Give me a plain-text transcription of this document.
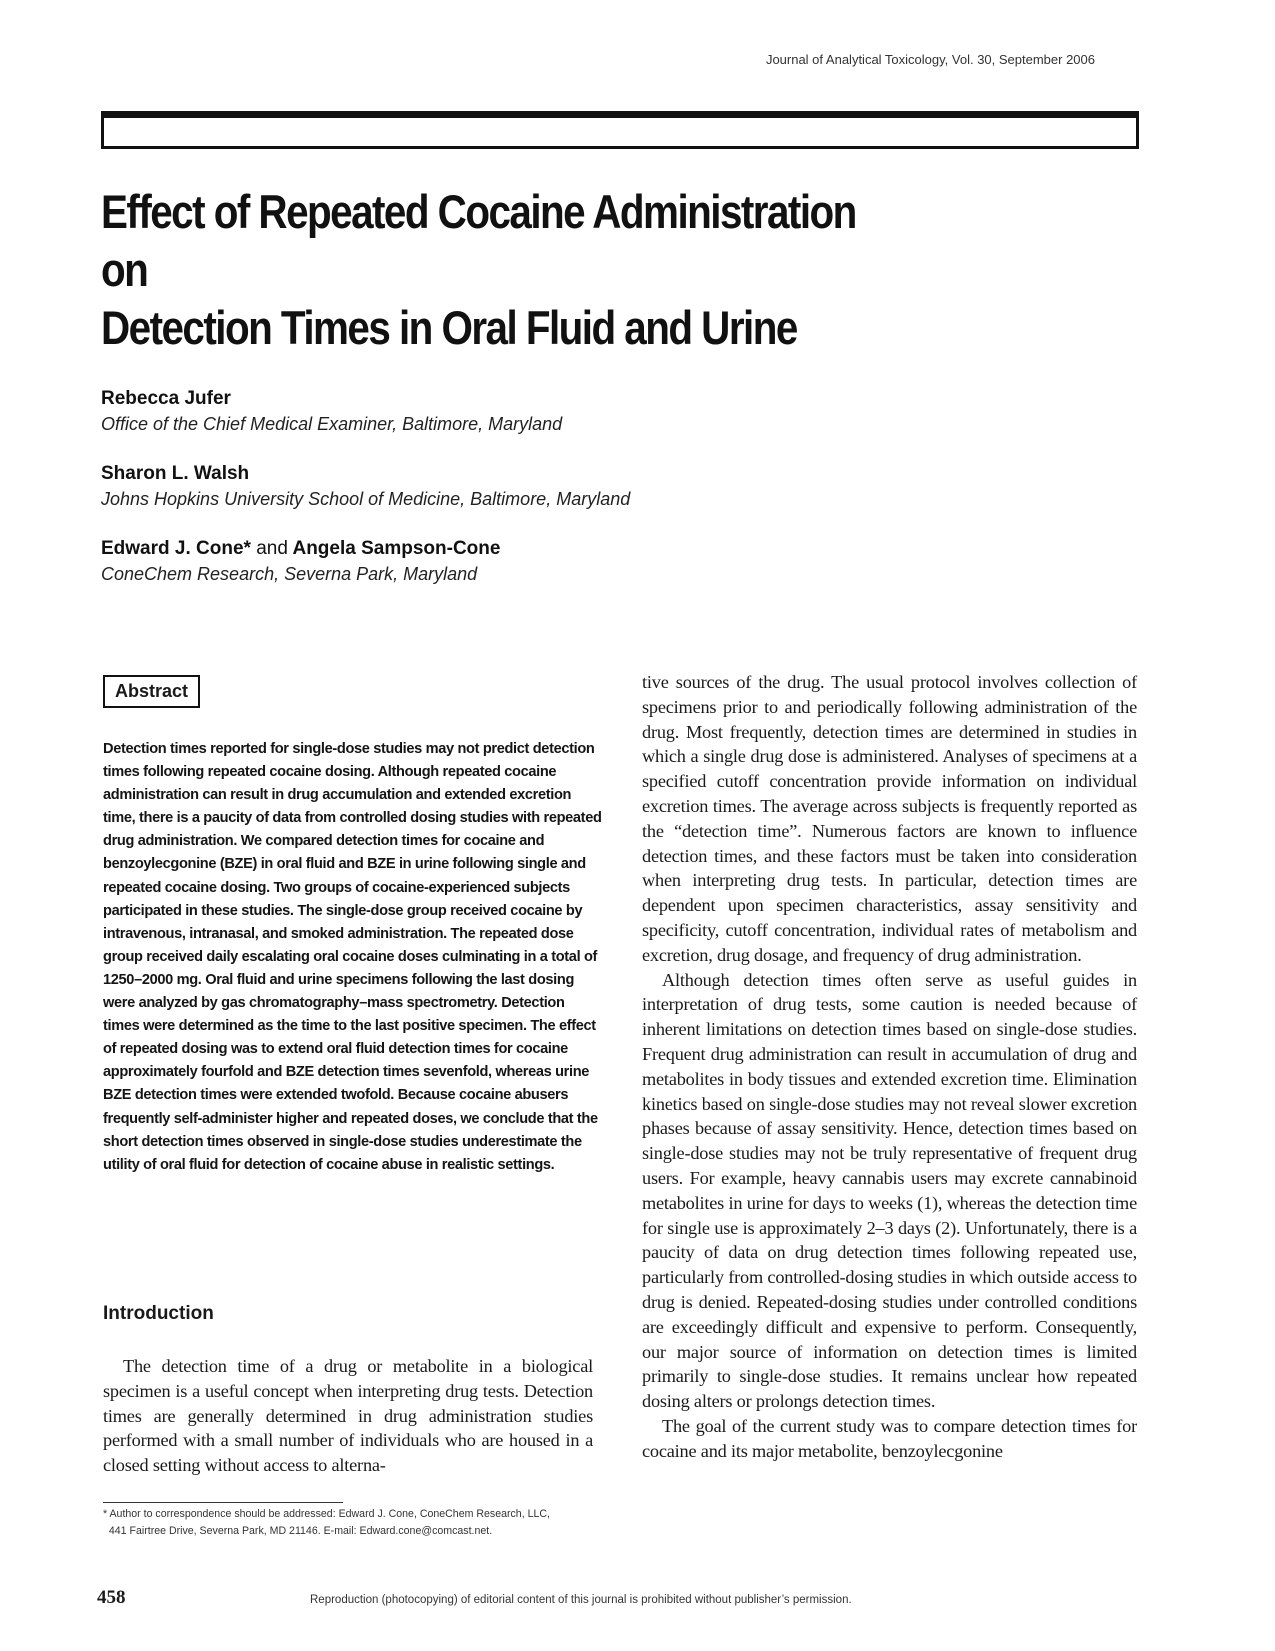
Journal of Analytical Toxicology, Vol. 30, September 2006
Effect of Repeated Cocaine Administration on
Detection Times in Oral Fluid and Urine
Rebecca Jufer
Office of the Chief Medical Examiner, Baltimore, Maryland
Sharon L. Walsh
Johns Hopkins University School of Medicine, Baltimore, Maryland
Edward J. Cone* and Angela Sampson-Cone
ConeChem Research, Severna Park, Maryland
Abstract

Detection times reported for single-dose studies may not predict detection times following repeated cocaine dosing. Although repeated cocaine administration can result in drug accumulation and extended excretion time, there is a paucity of data from controlled dosing studies with repeated drug administration. We compared detection times for cocaine and benzoylecgonine (BZE) in oral fluid and BZE in urine following single and repeated cocaine dosing. Two groups of cocaine-experienced subjects participated in these studies. The single-dose group received cocaine by intravenous, intranasal, and smoked administration. The repeated dose group received daily escalating oral cocaine doses culminating in a total of 1250–2000 mg. Oral fluid and urine specimens following the last dosing were analyzed by gas chromatography–mass spectrometry. Detection times were determined as the time to the last positive specimen. The effect of repeated dosing was to extend oral fluid detection times for cocaine approximately fourfold and BZE detection times sevenfold, whereas urine BZE detection times were extended twofold. Because cocaine abusers frequently self-administer higher and repeated doses, we conclude that the short detection times observed in single-dose studies underestimate the utility of oral fluid for detection of cocaine abuse in realistic settings.

Introduction

The detection time of a drug or metabolite in a biological specimen is a useful concept when interpreting drug tests. Detection times are generally determined in drug administration studies performed with a small number of individuals who are housed in a closed setting without access to alterna-

tive sources of the drug. The usual protocol involves collection of specimens prior to and periodically following administration of the drug. Most frequently, detection times are determined in studies in which a single drug dose is administered. Analyses of specimens at a specified cutoff concentration provide information on individual excretion times. The average across subjects is frequently reported as the “detection time”. Numerous factors are known to influence detection times, and these factors must be taken into consideration when interpreting drug tests. In particular, detection times are dependent upon specimen characteristics, assay sensitivity and specificity, cutoff concentration, individual rates of metabolism and excretion, drug dosage, and frequency of drug administration.

Although detection times often serve as useful guides in interpretation of drug tests, some caution is needed because of inherent limitations on detection times based on single-dose studies. Frequent drug administration can result in accumulation of drug and metabolites in body tissues and extended excretion time. Elimination kinetics based on single-dose studies may not reveal slower excretion phases because of assay sensitivity. Hence, detection times based on single-dose studies may not be truly representative of frequent drug users. For example, heavy cannabis users may excrete cannabinoid metabolites in urine for days to weeks (1), whereas the detection time for single use is approximately 2–3 days (2). Unfortunately, there is a paucity of data on drug detection times following repeated use, particularly from controlled-dosing studies in which outside access to drug is denied. Repeated-dosing studies under controlled conditions are exceedingly difficult and expensive to perform. Consequently, our major source of information on detection times is limited primarily to single-dose studies. It remains unclear how repeated dosing alters or prolongs detection times.

The goal of the current study was to compare detection times for cocaine and its major metabolite, benzoylecgonine

* Author to correspondence should be addressed: Edward J. Cone, ConeChem Research, LLC,
441 Fairtree Drive, Severna Park, MD 21146. E-mail: Edward.cone@comcast.net.

458	Reproduction (photocopying) of editorial content of this journal is prohibited without publisher’s permission.
